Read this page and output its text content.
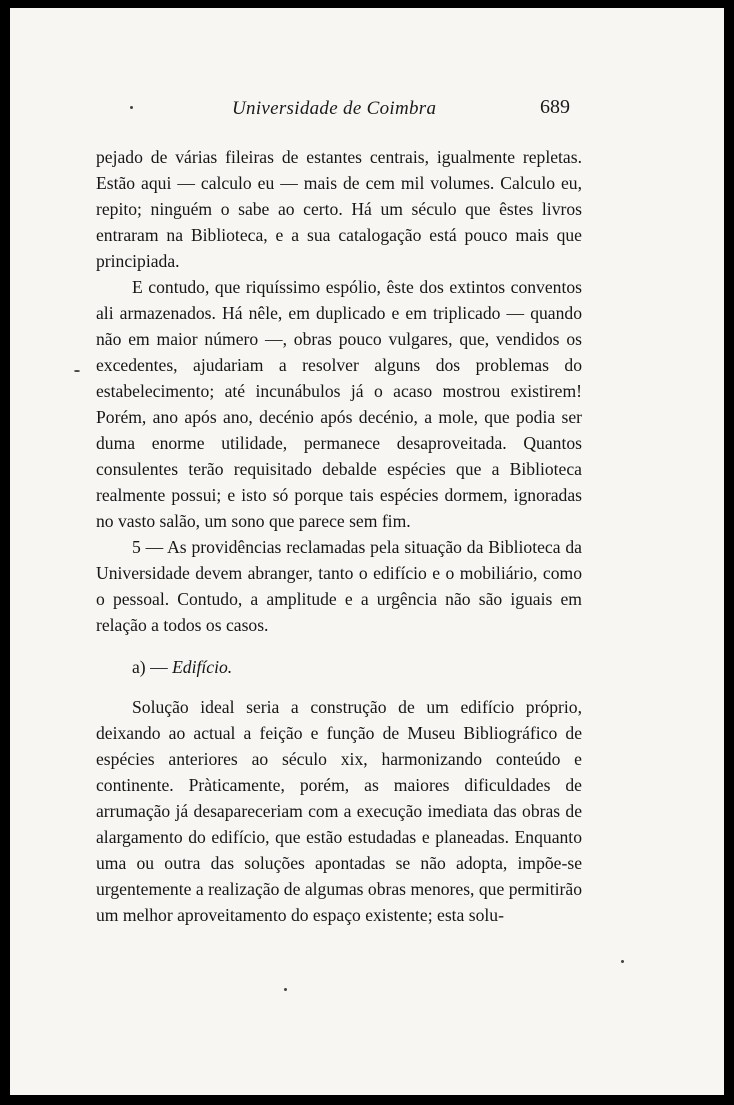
Universidade de Coimbra	689

pejado de várias fileiras de estantes centrais, igualmente repletas. Estão aqui — calculo eu — mais de cem mil volumes. Calculo eu, repito; ninguém o sabe ao certo. Há um século que êstes livros entraram na Biblioteca, e a sua catalogação está pouco mais que principiada.

E contudo, que riquíssimo espólio, êste dos extintos conventos ali armazenados. Há nêle, em duplicado e em triplicado — quando não em maior número —, obras pouco vulgares, que, vendidos os excedentes, ajudariam a resolver alguns dos problemas do estabelecimento; até incunábulos já o acaso mostrou existirem! Porém, ano após ano, decénio após decénio, a mole, que podia ser duma enorme utilidade, permanece desaproveitada. Quantos consulentes terão requisitado debalde espécies que a Biblioteca realmente possui; e isto só porque tais espécies dormem, ignoradas no vasto salão, um sono que parece sem fim.

5 — As providências reclamadas pela situação da Biblioteca da Universidade devem abranger, tanto o edifício e o mobiliário, como o pessoal. Contudo, a amplitude e a urgência não são iguais em relação a todos os casos.

a) — Edifício.

Solução ideal seria a construção de um edifício próprio, deixando ao actual a feição e função de Museu Bibliográfico de espécies anteriores ao século xix, harmonizando conteúdo e continente. Pràticamente, porém, as maiores dificuldades de arrumação já desapareceriam com a execução imediata das obras de alargamento do edifício, que estão estudadas e planeadas. Enquanto uma ou outra das soluções apontadas se não adopta, impõe-se urgentemente a realização de algumas obras menores, que permitirão um melhor aproveitamento do espaço existente; esta solu-
